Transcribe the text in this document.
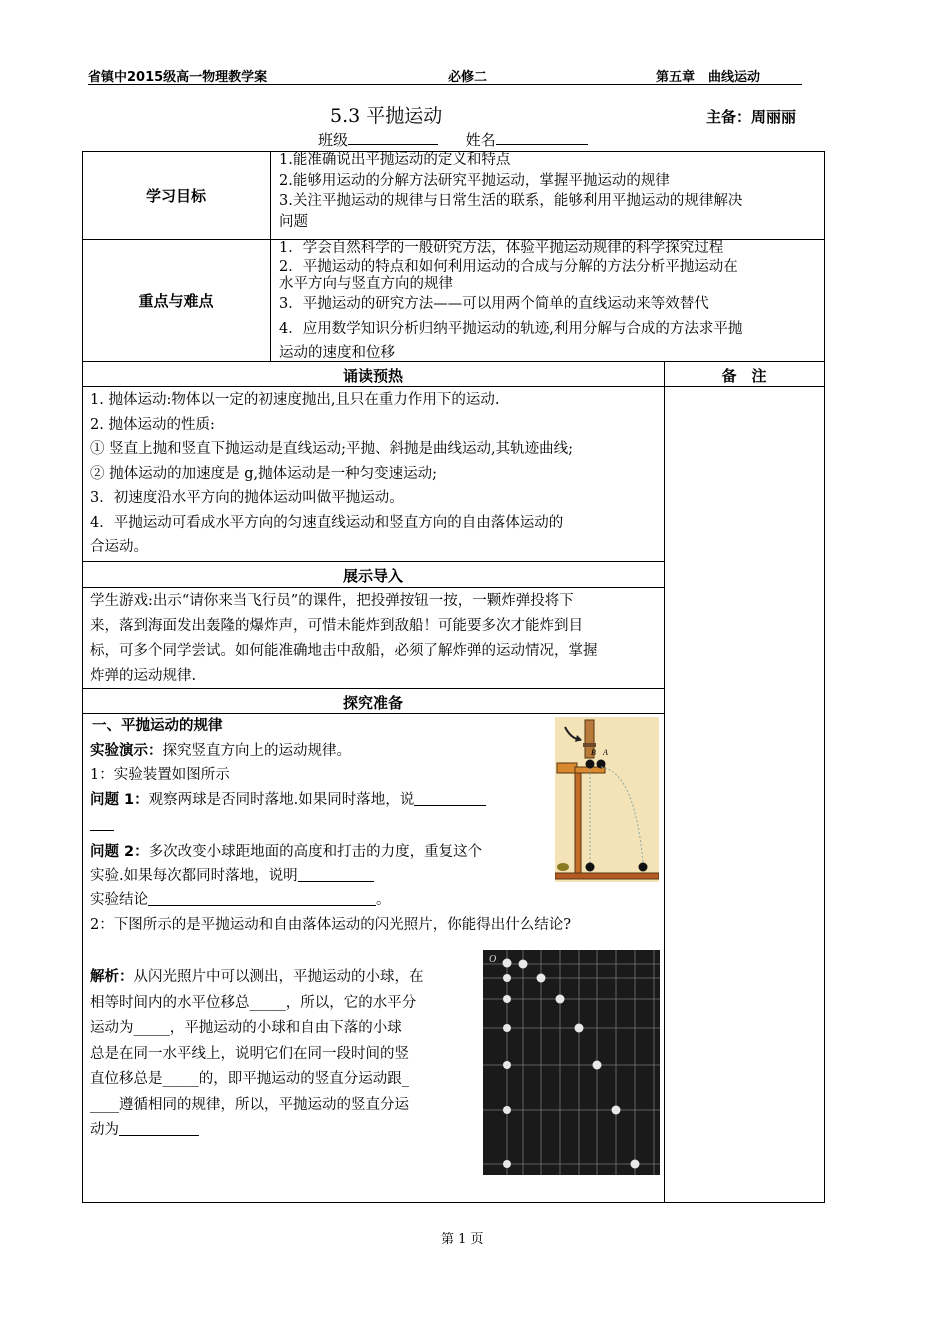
省镇中2015级高一物理教学案	必修二	第五章　曲线运动
5.3 平抛运动	主备：周丽丽
班级	姓名
学习目标
1.能准确说出平抛运动的定义和特点
2.能够用运动的分解方法研究平抛运动，掌握平抛运动的规律
3.关注平抛运动的规律与日常生活的联系，能够利用平抛运动的规律解决
问题
重点与难点
1．学会自然科学的一般研究方法，体验平抛运动规律的科学探究过程
2．平抛运动的特点和如何利用运动的合成与分解的方法分析平抛运动在
水平方向与竖直方向的规律
3．平抛运动的研究方法——可以用两个简单的直线运动来等效替代
4．应用数学知识分析归纳平抛运动的轨迹,利用分解与合成的方法求平抛
运动的速度和位移
诵读预热	备　注
1. 抛体运动:物体以一定的初速度抛出,且只在重力作用下的运动.
2. 抛体运动的性质:
① 竖直上抛和竖直下抛运动是直线运动;平抛、斜抛是曲线运动,其轨迹曲线;
② 抛体运动的加速度是 g,抛体运动是一种匀变速运动;
3．初速度沿水平方向的抛体运动叫做平抛运动。
4．平抛运动可看成水平方向的匀速直线运动和竖直方向的自由落体运动的
合运动。
展示导入
学生游戏:出示“请你来当飞行员”的课件，把投弹按钮一按，一颗炸弹投将下
来，落到海面发出轰隆的爆炸声，可惜未能炸到敌船！可能要多次才能炸到目
标，可多个同学尝试。如何能准确地击中敌船，必须了解炸弹的运动情况，掌握
炸弹的运动规律.
探究准备
一、平抛运动的规律
实验演示：探究竖直方向上的运动规律。
1：实验装置如图所示
问题 1：观察两球是否同时落地.如果同时落地，说
问题 2：多次改变小球距地面的高度和打击的力度，重复这个
实验.如果每次都同时落地，说明
实验结论	。
2：下图所示的是平抛运动和自由落体运动的闪光照片，你能得出什么结论?
解析：从闪光照片中可以测出，平抛运动的小球，在
相等时间内的水平位移总_____，所以，它的水平分
运动为_____，平抛运动的小球和自由下落的小球
总是在同一水平线上，说明它们在同一段时间的竖
直位移总是_____的，即平抛运动的竖直分运动跟_
____遵循相同的规律，所以，平抛运动的竖直分运
动为
B A
O
第 1 页
